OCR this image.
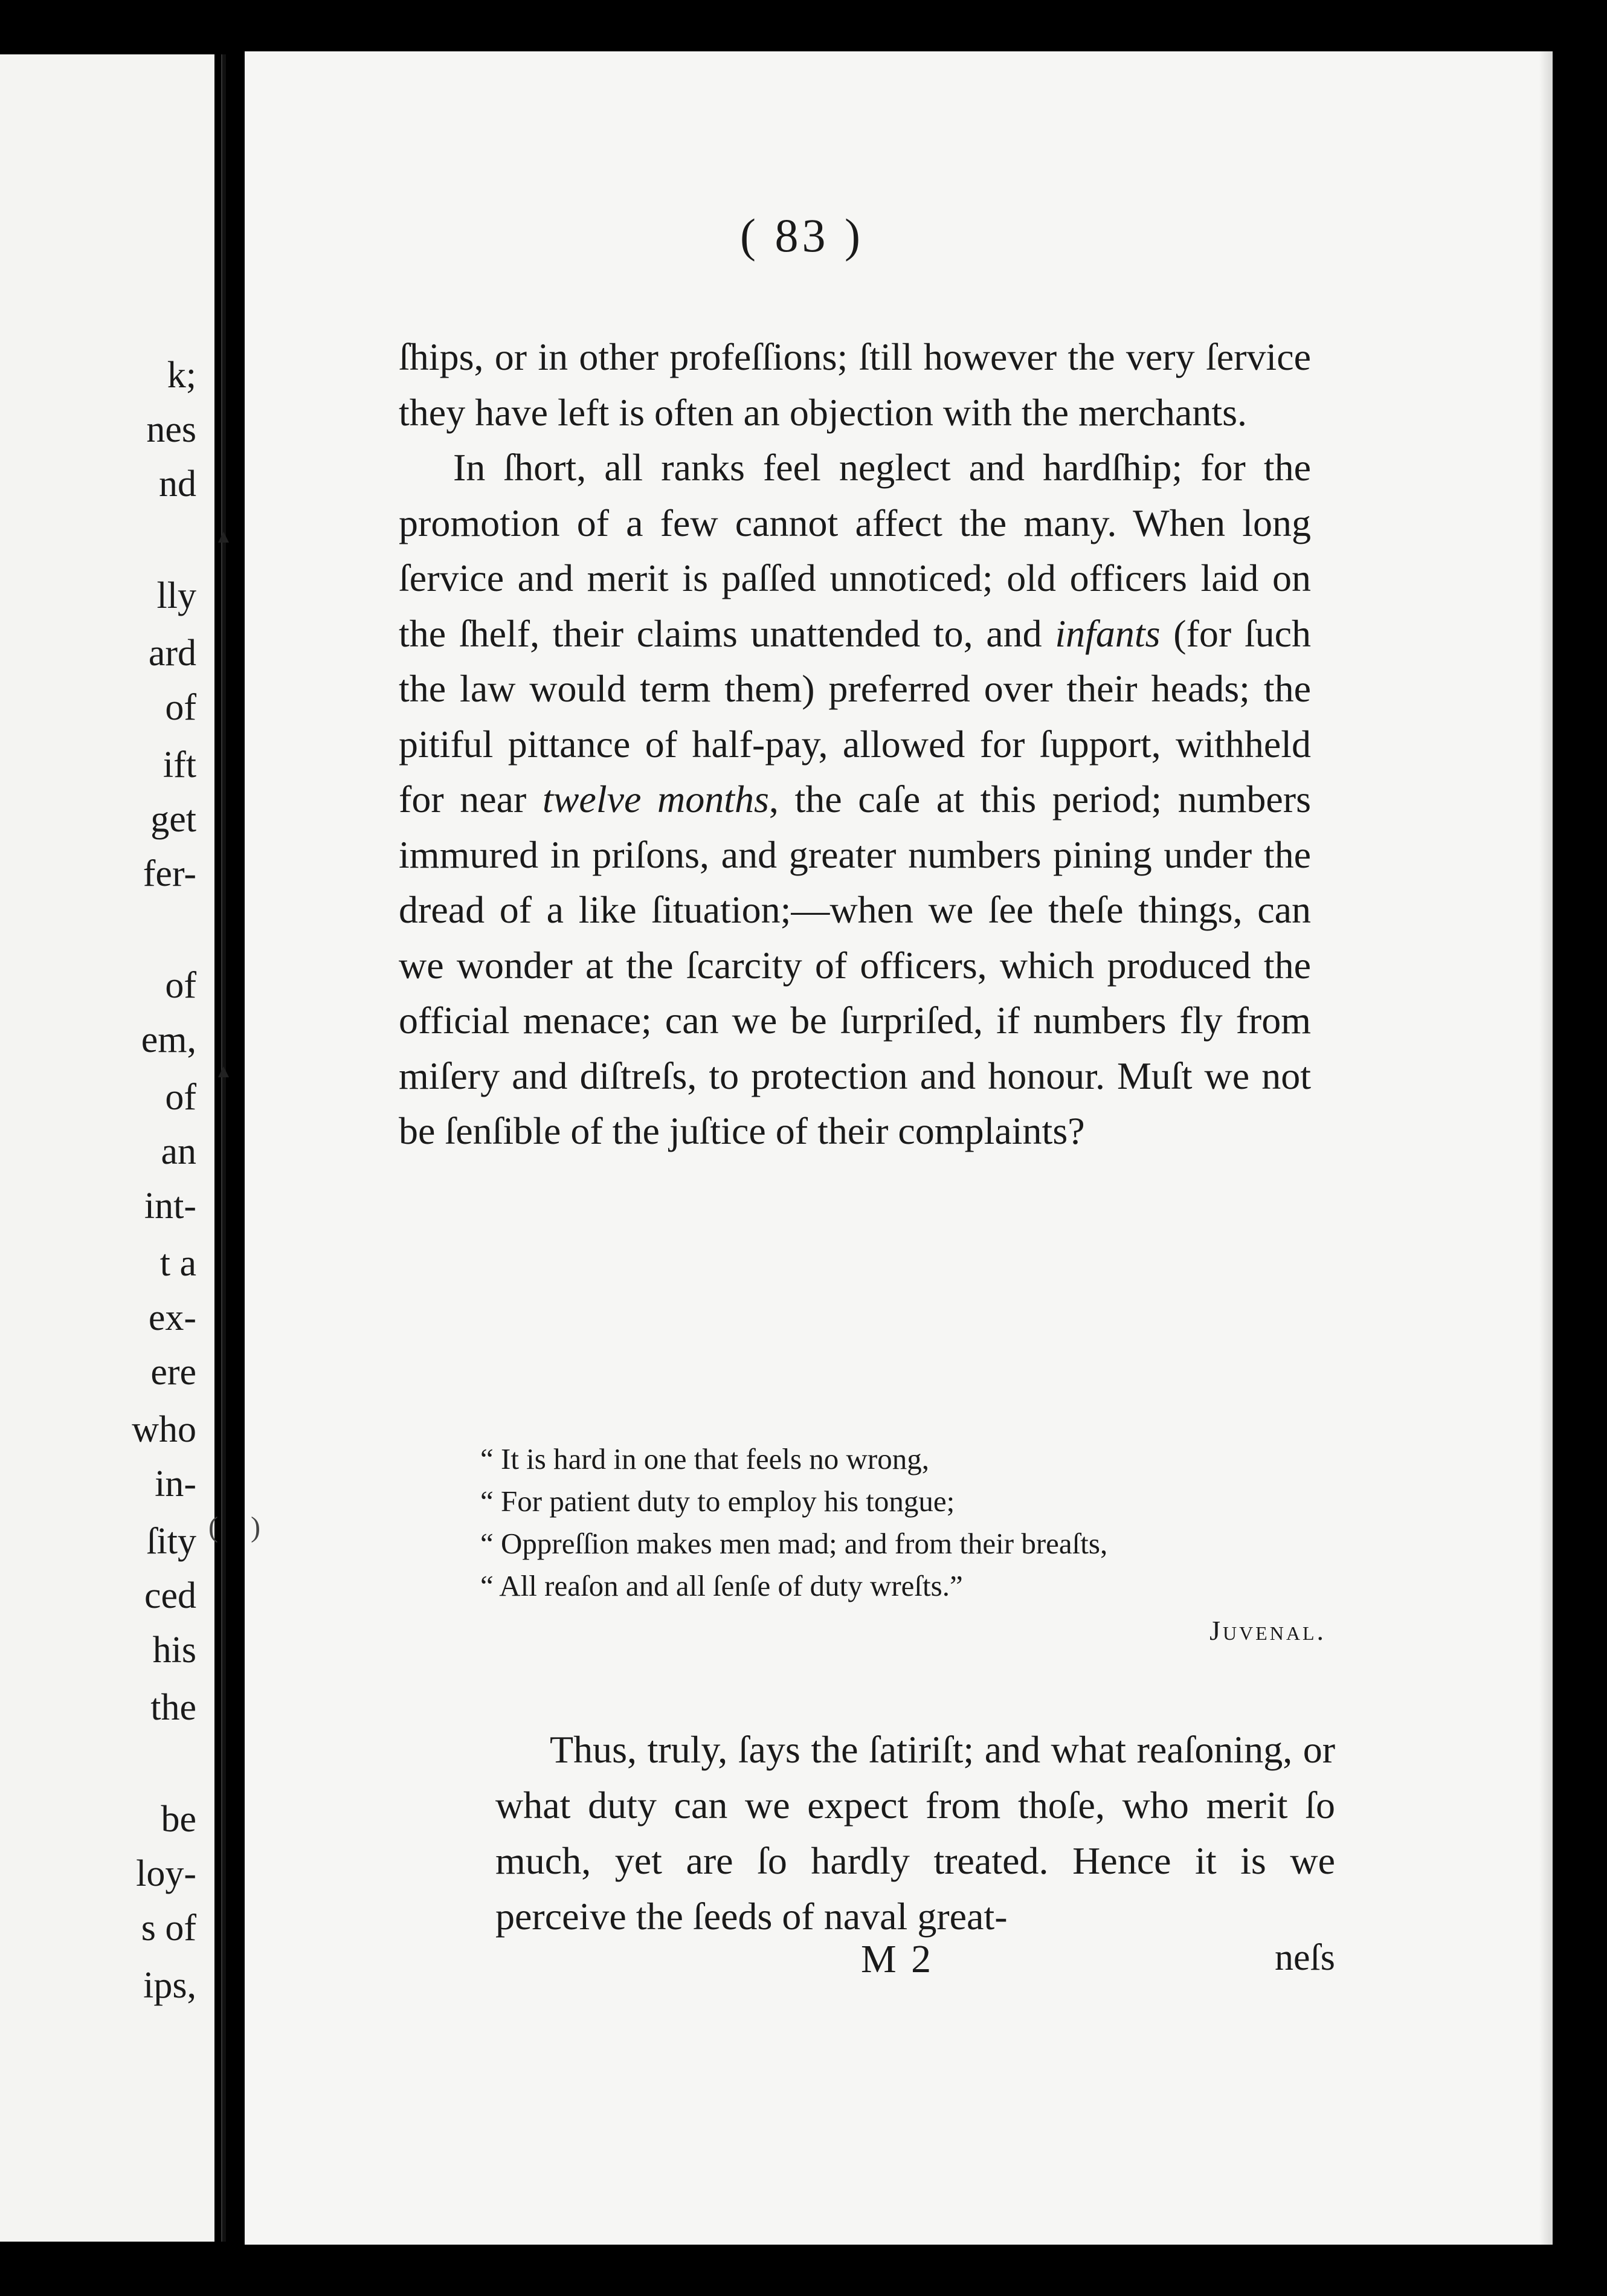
k;
nes
nd
lly
ard
of
ift
get
fer-
of
em,
of
an
int-
t a
ex-
ere
who
in-
ſity
ced
his
the
be
loy-
s of
ips,
( 83 )

ſhips, or in other profeſſions; ſtill however the very ſervice they have left is often an objection with the merchants.

In ſhort, all ranks feel neglect and hardſhip; for the promotion of a few cannot affect the many. When long ſervice and merit is paſſed unnoticed; old officers laid on the ſhelf, their claims unattended to, and infants (for ſuch the law would term them) preferred over their heads; the pitiful pittance of half-pay, allowed for ſupport, withheld for near twelve months, the caſe at this period; numbers immured in priſons, and greater numbers pining under the dread of a like ſituation;—when we ſee theſe things, can we wonder at the ſcarcity of officers, which produced the official menace; can we be ſurpriſed, if numbers fly from miſery and diſtreſs, to protection and honour. Muſt we not be ſenſible of the juſtice of their complaints?

( )
“ It is hard in one that feels no wrong,
“ For patient duty to employ his tongue;
“ Oppreſſion makes men mad; and from their breaſts,
“ All reaſon and all ſenſe of duty wreſts.”
Juvenal.

Thus, truly, ſays the ſatiriſt; and what reaſoning, or what duty can we expect from thoſe, who merit ſo much, yet are ſo hardly treated. Hence it is we perceive the ſeeds of naval great-

M 2	neſs
